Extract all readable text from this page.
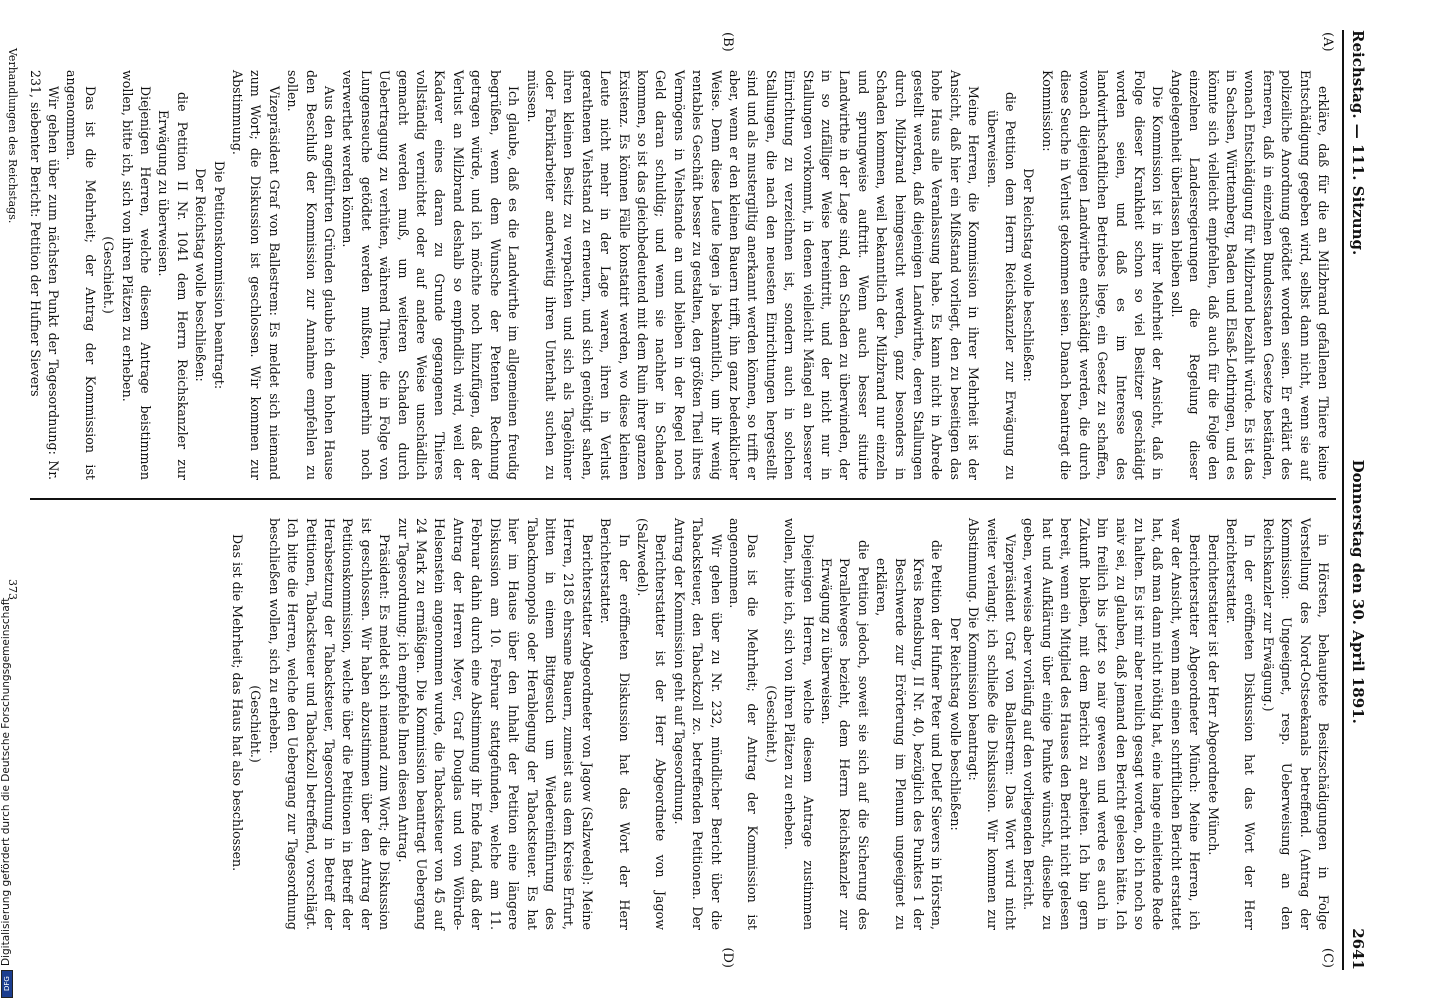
Reichstag. — 111. Sitzung.
Donnerstag den 30. April 1891.
2641
(A)
(B)

erkläre, daß für die an Milzbrand gefallenen Thiere keine Entschädigung gegeben wird, selbst dann nicht, wenn sie auf polizeiliche Anordnung getödtet worden seien. Er erklärt des ferneren, daß in einzelnen Bundesstaaten Gesetze beständen, wonach Entschädigung für Milzbrand bezahlt würde. Es ist das in Sachsen, Württemberg, Baden und Elsaß-Lothringen, und es könnte sich vielleicht empfehlen, daß auch für die Folge den einzelnen Landesregierungen die Regelung dieser Angelegenheit überlassen bleiben soll.

Die Kommission ist in ihrer Mehrheit der Ansicht, daß in Folge dieser Krankheit schon so viel Besitzer geschädigt worden seien, und daß es im Interesse des landwirthschaftlichen Betriebes liege, ein Gesetz zu schaffen, wonach diejenigen Landwirthe entschädigt werden, die durch diese Seuche in Verlust gekommen seien. Danach beantragt die Kommission:

Der Reichstag wolle beschließen:

die Petition dem Herrn Reichskanzler zur Erwägung zu überweisen.

Meine Herren, die Kommission in ihrer Mehrheit ist der Ansicht, daß hier ein Mißstand vorliegt, den zu beseitigen das hohe Haus alle Veranlassung habe. Es kann nicht in Abrede gestellt werden, daß diejenigen Landwirthe, deren Stallungen durch Milzbrand heimgesucht werden, ganz besonders in Schaden kommen, weil bekanntlich der Milzbrand nur einzeln und sprungweise auftritt. Wenn auch besser situirte Landwirthe in der Lage sind, den Schaden zu überwinden, der in so zufälliger Weise hereintritt, und der nicht nur in Stallungen vorkommt, in denen vielleicht Mängel an besserer Einrichtung zu verzeichnen ist, sondern auch in solchen Stallungen, die nach den neuesten Einrichtungen hergestellt sind und als mustergiltig anerkannt werden können, so trifft er aber, wenn er den kleinen Bauern trifft, ihn ganz bedenklicher Weise. Denn diese Leute legen ja bekanntlich, um ihr wenig rentables Geschäft besser zu gestalten, den größten Theil ihres Vermögens in Viehstande an und bleiben in der Regel noch Geld daran schuldig; und wenn sie nachher in Schaden kommen, so ist das gleichbedeutend mit dem Ruin ihrer ganzen Existenz. Es können Fälle konstatirt werden, wo diese kleinen Leute nicht mehr in der Lage waren, ihren in Verlust gerathenen Viehstand zu erneuern, und sich genöthigt sahen, ihren kleinen Besitz zu verpachten und sich als Tagelöhner oder Fabrikarbeiter anderweitig ihren Unterhalt suchen zu müssen.

Ich glaube, daß es die Landwirthe im allgemeinen freudig begrüßen, wenn dem Wunsche der Petenten Rechnung getragen würde, und ich möchte noch hinzufügen, daß der Verlust an Milzbrand deshalb so empfindlich wird, weil der Kadaver eines daran zu Grunde gegangenen Thieres vollständig vernichtet oder auf andere Weise unschädlich gemacht werden muß, um weiteren Schaden durch Uebertragung zu verhüten, während Thiere, die in Folge von Lungenseuche getödtet werden mußten, immerhin noch verwerthet werden können.

Aus den angeführten Gründen glaube ich dem hohen Hause den Beschluß der Kommission zur Annahme empfehlen zu sollen.

Vizepräsident Graf von Ballestrem: Es meldet sich niemand zum Wort; die Diskussion ist geschlossen. Wir kommen zur Abstimmung.

Die Petitionskommission beantragt:

Der Reichstag wolle beschließen:

die Petition II Nr. 1041 dem Herrn Reichskanzler zur Erwägung zu überweisen.

Diejenigen Herren, welche diesem Antrage beistimmen wollen, bitte ich, sich von ihren Plätzen zu erheben.

(Geschieht.)

Das ist die Mehrheit; der Antrag der Kommission ist angenommen.

Wir gehen über zum nächsten Punkt der Tagesordnung: Nr. 231, siebenter Bericht: Petition der Hufner Sievers

(C)
(D)

in Hörsten, behauptete Besitzschädigungen in Folge Verstellung des Nord-Ostseekanals betreffend. (Antrag der Kommission: Ungeeignet, resp. Ueberweisung an den Reichskanzler zur Erwägung.)

In der eröffneten Diskussion hat das Wort der Herr Berichterstatter.

Berichterstatter ist der Herr Abgeordnete Münch.

Berichterstatter Abgeordneter Münch: Meine Herren, ich war der Ansicht, wenn man einen schriftlichen Bericht erstattet hat, daß man dann nicht nöthig hat, eine lange einleitende Rede zu halten. Es ist mir aber neulich gesagt worden, ob ich noch so naiv sei, zu glauben, daß jemand den Bericht gelesen hätte. Ich bin freilich bis jetzt so naiv gewesen und werde es auch in Zukunft bleiben, mit dem Bericht zu arbeiten. Ich bin gern bereit, wenn ein Mitglied des Hauses den Bericht nicht gelesen hat und Aufklärung über einige Punkte wünscht, dieselbe zu geben, verweise aber vorläufig auf den vorliegenden Bericht.

Vizepräsident Graf von Ballestrem: Das Wort wird nicht weiter verlangt; ich schließe die Diskussion. Wir kommen zur Abstimmung. Die Kommission beantragt:

Der Reichstag wolle beschließen:

die Petition der Hufner Peter und Detlef Sievers in Hörsten, Kreis Rendsburg, II Nr. 40, bezüglich des Punktes 1 der Beschwerde zur Erörterung im Plenum ungeeignet zu erklären,

die Petition jedoch, soweit sie sich auf die Sicherung des Porallelweges bezieht, dem Herrn Reichskanzler zur Erwägung zu überweisen.

Diejenigen Herren, welche diesem Antrage zustimmen wollen, bitte ich, sich von ihren Plätzen zu erheben.

(Geschieht.)

Das ist die Mehrheit; der Antrag der Kommission ist angenommen.

Wir gehen über zu Nr. 232, mündlicher Bericht über die Tabacksteuer, den Tabackzoll zc. betreffenden Petitionen. Der Antrag der Kommission geht auf Tagesordnung.

Berichterstatter ist der Herr Abgeordnete von Jagow (Salzwedel).

In der eröffneten Diskussion hat das Wort der Herr Berichterstatter.

Berichterstatter Abgeordneter von Jagow (Salzwedel): Meine Herren, 2185 ehrsame Bauern, zumeist aus dem Kreise Erfurt, bitten in einem Bittgesuch um Wiedereinführung des Tabackmonopols oder Herablegung der Tabacksteuer. Es hat hier im Hause über den Inhalt der Petition eine längere Diskussion am 10. Februar stattgefunden, welche am 11. Februar dahin durch eine Abstimmung ihr Ende fand, daß der Antrag der Herren Meyer, Graf Douglas und von Wöhrde-Helsenstein angenommen wurde, die Tabacksteuer von 45 auf 24 Mark zu ermäßigen. Die Kommission beantragt Uebergang zur Tagesordnung; ich empfehle Ihnen diesen Antrag.

Präsident: Es meldet sich niemand zum Wort; die Diskussion ist geschlossen. Wir haben abzustimmen über den Antrag der Petitionskommission, welche über die Petitionen in Betreff der Herabsetzung der Tabacksteuer, Tagesordnung in Betreff der Petitionen, Tabacksteuer und Tabackzoll betreffend, vorschlägt. Ich bitte die Herren, welche den Uebergang zur Tagesordnung beschließen wollen, sich zu erheben.

(Geschieht.)

Das ist die Mehrheit; das Haus hat also beschlossen.

Verhandlungen des Reichstags.
373
Digitalisierung gefördert durch die Deutsche Forschungsgemeinschaft
DFG
